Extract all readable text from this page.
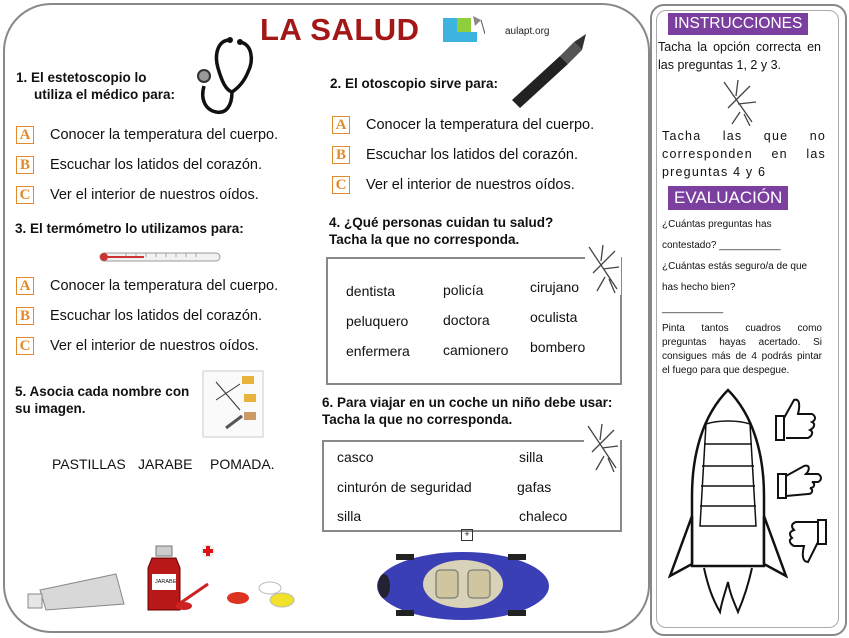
LA SALUD	aulapt.org
1. El estetoscopio lo
utiliza el médico para:
A Conocer la temperatura del cuerpo.
B Escuchar los latidos del corazón.
C Ver el interior de nuestros oídos.
3. El termómetro lo utilizamos para:
A Conocer la temperatura del cuerpo.
B Escuchar los latidos del corazón.
C Ver el interior de nuestros oídos.
5. Asocia cada nombre con
su imagen.
PASTILLAS JARABE POMADA.
JARABE
2. El otoscopio sirve para:
A Conocer la temperatura del cuerpo.
B Escuchar los latidos del corazón.
C Ver el interior de nuestros oídos.
4. ¿Qué personas cuidan tu salud?
Tacha la que no corresponda.
dentista	policía	cirujano
peluquero doctora	oculista
enfermera camionero bombero
6. Para viajar en un coche un niño debe usar:
Tacha la que no corresponda.
casco	silla
cinturón de seguridad	gafas
silla	chaleco
+
INSTRUCCIONES
Tacha la opción correcta en las preguntas 1, 2 y 3.
Tacha las que no corresponden en las preguntas 4 y 6
EVALUACIÓN
¿Cuántas preguntas has
contestado? ___________
¿Cuántas estás seguro/a de que
has hecho bien?
___________
Pinta tantos cuadros como preguntas hayas acertado. Si consigues más de 4 podrás pintar el fuego para que despegue.
